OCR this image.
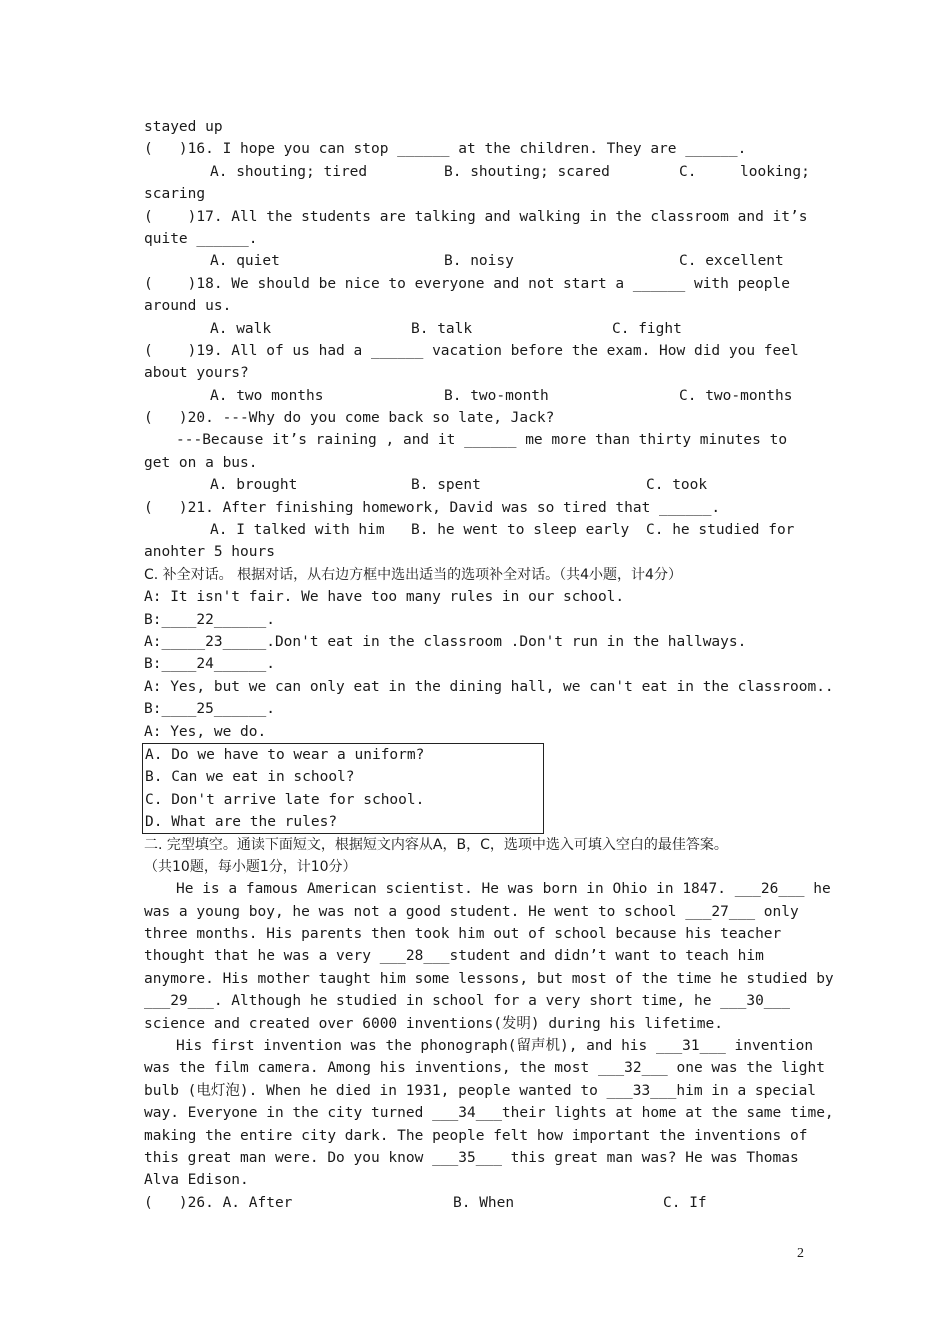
stayed up
(   )16. I hope you can stop ______ at the children. They are ______.
A. shouting; tired	B. shouting; scared	C.	looking;
scaring
(    )17. All the students are talking and walking in the classroom and it’s
quite ______.
A. quiet	B. noisy	C. excellent
(    )18. We should be nice to everyone and not start a ______ with people
around us.
A. walk	B. talk	C. fight
(    )19. All of us had a ______ vacation before the exam. How did you feel
about yours?
A. two months	B. two-month	C. two-months
(   )20. ---Why do you come back so late, Jack?
---Because it’s raining , and it ______ me more than thirty minutes to
get on a bus.
A. brought	B. spent	C. took
(   )21. After finishing homework, David was so tired that ______.
A. I talked with him B. he went to sleep early C. he studied for
anohter 5 hours
C. 补全对话。 根据对话，从右边方框中选出适当的选项补全对话。（共4小题，计4分）
A: It isn't fair. We have too many rules in our school.
B:____22______.
A:_____23_____.Don't eat in the classroom .Don't run in the hallways.
B:____24______.
A: Yes, but we can only eat in the dining hall, we can't eat in the classroom..
B:____25______.
A: Yes, we do.
A. Do we have to wear a uniform?
B. Can we eat in school?
C. Don't arrive late for school.
D. What are the rules?
二. 完型填空。通读下面短文，根据短文内容从A，B，C，选项中选入可填入空白的最佳答案。
（共10题，每小题1分，计10分）
He is a famous American scientist. He was born in Ohio in 1847. ___26___ he
was a young boy, he was not a good student. He went to school ___27___ only
three months. His parents then took him out of school because his teacher
thought that he was a very ___28___student and didn’t want to teach him
anymore. His mother taught him some lessons, but most of the time he studied by
___29___. Although he studied in school for a very short time, he ___30___
science and created over 6000 inventions(发明) during his lifetime.
His first invention was the phonograph(留声机), and his ___31___ invention
was the film camera. Among his inventions, the most ___32___ one was the light
bulb (电灯泡). When he died in 1931, people wanted to ___33___him in a special
way. Everyone in the city turned ___34___their lights at home at the same time,
making the entire city dark. The people felt how important the inventions of
this great man were. Do you know ___35___ this great man was? He was Thomas
Alva Edison.
(   )26. A. After	B. When	C. If
2
